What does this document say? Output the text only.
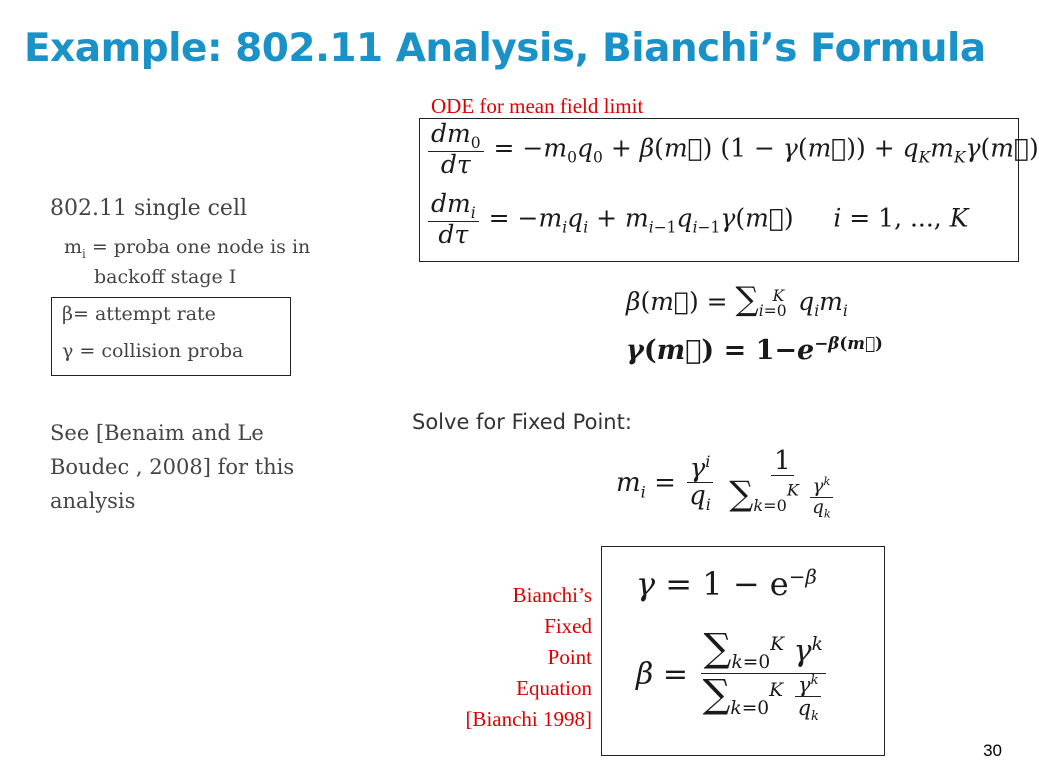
Example: 802.11 Analysis, Bianchi’s Formula
802.11 single cell
$m_i$ = proba one node is in
backoff stage I
β= attempt rate
γ = collision proba
See [Benaim and Le
Boudec , 2008] for this
analysis
ODE for mean field limit
$\frac{dm_0}{d\tau} = -m_0q_0$ + β(m⃗) (1 − γ(m⃗)) + $q_Km_K\gamma(m⃗)$
$\frac{dm_i}{d\tau} = -m_iq_i$ + $m_{i-1}q_{i-1}\gamma(m⃗)$     i = 1, ..., K
β(m⃗) = $\sum_{i=0}^K$ $q_im_i$
γ(m⃗) = $1-e^{-\beta(m⃗)}$
Solve for Fixed Point:
$m_i = \frac{\gamma^i}{q_i}$
$\frac{1}{\sum_{k=0}^K \frac{\gamma^k}{q_k}}$
Bianchi’s
Fixed
Point
Equation
[Bianchi 1998]
$\gamma = 1 - e^{-\beta}$
$\beta = \frac{\sum_{k=0}^K \gamma^k}{\sum_{k=0}^K \frac{\gamma^k}{q_k}}$
30
